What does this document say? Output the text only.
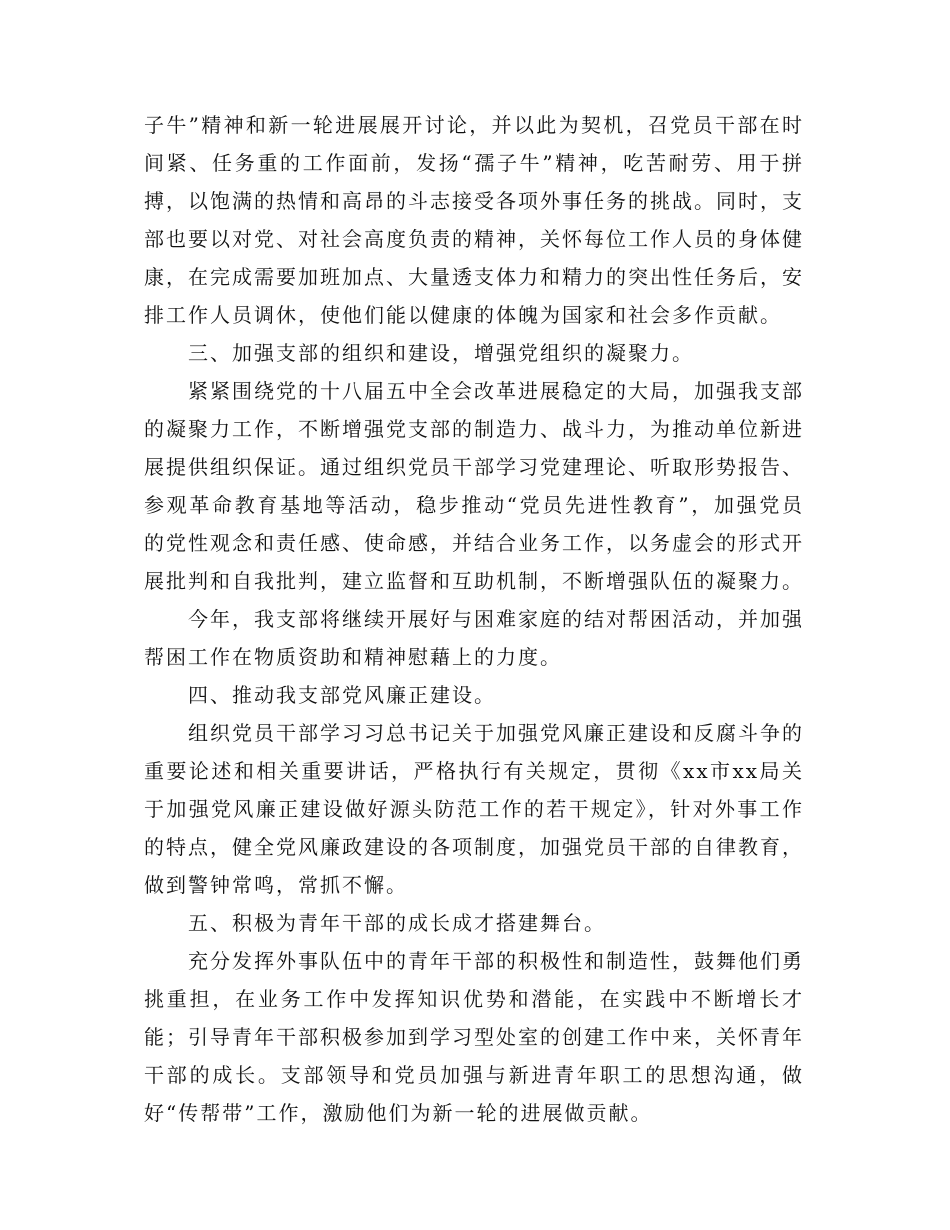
子牛”精神和新一轮进展展开讨论，并以此为契机，召党员干部在时间紧、任务重的工作面前，发扬“孺子牛”精神，吃苦耐劳、用于拼搏，以饱满的热情和高昂的斗志接受各项外事任务的挑战。同时，支部也要以对党、对社会高度负责的精神，关怀每位工作人员的身体健康，在完成需要加班加点、大量透支体力和精力的突出性任务后，安排工作人员调休，使他们能以健康的体魄为国家和社会多作贡献。

三、加强支部的组织和建设，增强党组织的凝聚力。

紧紧围绕党的十八届五中全会改革进展稳定的大局，加强我支部的凝聚力工作，不断增强党支部的制造力、战斗力，为推动单位新进展提供组织保证。通过组织党员干部学习党建理论、听取形势报告、参观革命教育基地等活动，稳步推动“党员先进性教育”，加强党员的党性观念和责任感、使命感，并结合业务工作，以务虚会的形式开展批判和自我批判，建立监督和互助机制，不断增强队伍的凝聚力。

今年，我支部将继续开展好与困难家庭的结对帮困活动，并加强帮困工作在物质资助和精神慰藉上的力度。

四、推动我支部党风廉正建设。

组织党员干部学习习总书记关于加强党风廉正建设和反腐斗争的重要论述和相关重要讲话，严格执行有关规定，贯彻《xx市xx局关于加强党风廉正建设做好源头防范工作的若干规定》，针对外事工作的特点，健全党风廉政建设的各项制度，加强党员干部的自律教育，做到警钟常鸣，常抓不懈。

五、积极为青年干部的成长成才搭建舞台。

充分发挥外事队伍中的青年干部的积极性和制造性，鼓舞他们勇挑重担，在业务工作中发挥知识优势和潜能，在实践中不断增长才能；引导青年干部积极参加到学习型处室的创建工作中来，关怀青年干部的成长。支部领导和党员加强与新进青年职工的思想沟通，做好“传帮带”工作，激励他们为新一轮的进展做贡献。
